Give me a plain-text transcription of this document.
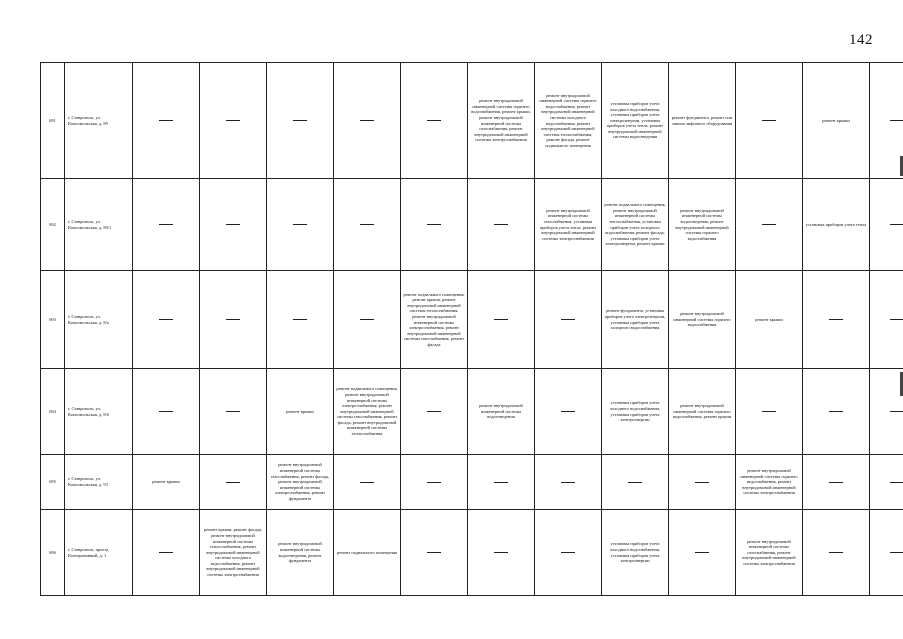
142
691	г. Ставрополь, ул. Комсомольская, д. 89						ремонт внутридомовой инженерной системы горячего водоснабжения, ремонт крыши, ремонт внутридомовой инженерной системы газоснабжения, ремонт внутридомовой инженерной системы электроснабжения	ремонт внутридомовой инженерной системы горячего водоснабжения, ремонт внутридомовой инженерной системы холодного водоснабжения, ремонт внутридомовой инженерной системы теплоснабжения, ремонт фасада, ремонт подвального помещения	установка приборов учета холодного водоснабжения, установка приборов учета электроэнергии, установка приборов учета тепла, ремонт внутридомовой инженерной системы водоотведения	ремонт фундамента, ремонт или замена лифтового оборудования		ремонт крыши	
692	г. Ставрополь, ул. Комсомольская, д. 89/1							ремонт внутридомовой инженерной системы газоснабжения, установка приборов учета тепла, ремонт внутридомовой инженерной системы электроснабжения	ремонт подвального помещения, ремонт внутридомовой инженерной системы теплоснабжения, установка приборов учета холодного водоснабжения, ремонт фасада, установка приборов учета электроэнергии, ремонт крыши	ремонт внутридомовой инженерной системы водоотведения, ремонт внутридомовой инженерной системы горячего водоснабжения		установка приборов учета тепла	
693	г. Ставрополь, ул. Комсомольская, д. 8/а					ремонт подвального помещения, ремонт крыши, ремонт внутридомовой инженерной системы теплоснабжения, ремонт внутридомовой инженерной системы электроснабжения, ремонт внутридомовой инженерной системы газоснабжения, ремонт фасада			ремонт фундамента, установка приборов учета электроэнергии, установка приборов учета холодного водоснабжения	ремонт внутридомовой инженерной системы горячего водоснабжения	ремонт крыши		
694	г. Ставрополь, ул. Комсомольская, д. 8/б			ремонт крыши	ремонт подвального помещения, ремонт внутридомовой инженерной системы электроснабжения, ремонт внутридомовой инженерной системы газоснабжения, ремонт фасада, ремонт внутридомовой инженерной системы теплоснабжения		ремонт внутридомовой инженерной системы водоотведения		установка приборов учета холодного водоснабжения, установка приборов учета электроэнергии	ремонт внутридомовой инженерной системы горячего водоснабжения, ремонт крыши			
695	г. Ставрополь, ул. Комсомольская, д. 93	ремонт крыши		ремонт внутридомовой инженерной системы газоснабжения, ремонт фасада, ремонт внутридомовой инженерной системы электроснабжения, ремонт фундамента							ремонт внутридомовой инженерной системы горячего водоснабжения, ремонт внутридомовой инженерной системы электроснабжения		
696	г. Ставрополь, проезд Кооперативный, д. 1		ремонт крыши, ремонт фасада, ремонт внутридомовой инженерной системы теплоснабжения, ремонт внутридомовой инженерной системы холодного водоснабжения, ремонт внутридомовой инженерной системы электроснабжения	ремонт внутридомовой инженерной системы водоотведения, ремонт фундамента	ремонт подвального помещения				установка приборов учета холодного водоснабжения, установка приборов учета электроэнергии		ремонт внутридомовой инженерной системы газоснабжения, ремонт внутридомовой инженерной системы электроснабжения		
